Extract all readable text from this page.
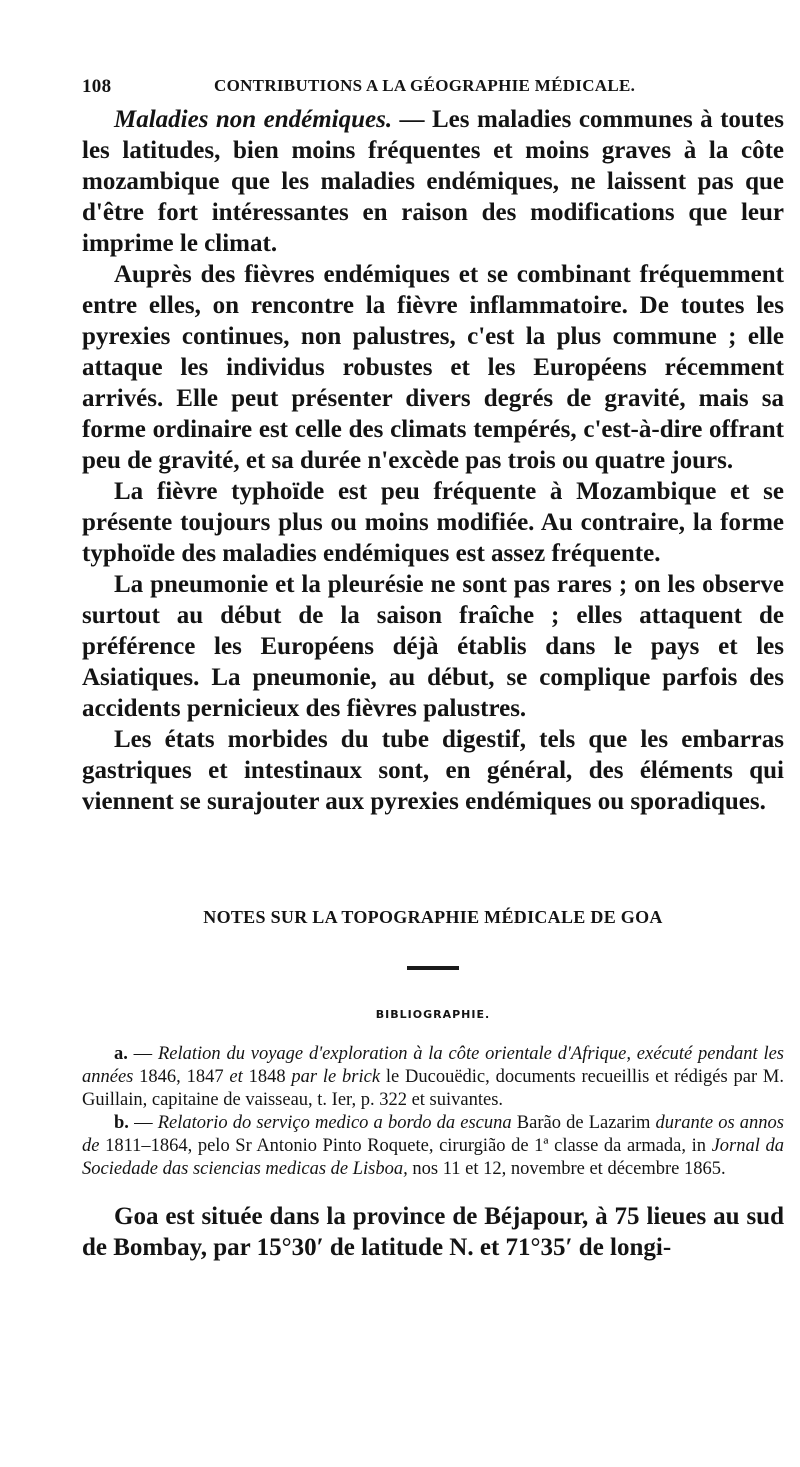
108	CONTRIBUTIONS A LA GÉOGRAPHIE MÉDICALE.

Maladies non endémiques. — Les maladies communes à toutes les latitudes, bien moins fréquentes et moins graves à la côte mozambique que les maladies endémiques, ne laissent pas que d'être fort intéressantes en raison des modifications que leur imprime le climat.

Auprès des fièvres endémiques et se combinant fréquemment entre elles, on rencontre la fièvre inflammatoire. De toutes les pyrexies continues, non palustres, c'est la plus commune ; elle attaque les individus robustes et les Européens récemment arrivés. Elle peut présenter divers degrés de gravité, mais sa forme ordinaire est celle des climats tempérés, c'est-à-dire offrant peu de gravité, et sa durée n'excède pas trois ou quatre jours.

La fièvre typhoïde est peu fréquente à Mozambique et se présente toujours plus ou moins modifiée. Au contraire, la forme typhoïde des maladies endémiques est assez fréquente.

La pneumonie et la pleurésie ne sont pas rares ; on les observe surtout au début de la saison fraîche ; elles attaquent de préférence les Européens déjà établis dans le pays et les Asiatiques. La pneumonie, au début, se complique parfois des accidents pernicieux des fièvres palustres.

Les états morbides du tube digestif, tels que les embarras gastriques et intestinaux sont, en général, des éléments qui viennent se surajouter aux pyrexies endémiques ou sporadiques.

NOTES SUR LA TOPOGRAPHIE MÉDICALE DE GOA
BIBLIOGRAPHIE.

a. — Relation du voyage d'exploration à la côte orientale d'Afrique, exécuté pendant les années 1846, 1847 et 1848 par le brick le Ducouëdic, documents recueillis et rédigés par M. Guillain, capitaine de vaisseau, t. Ier, p. 322 et suivantes.

b. — Relatorio do serviço medico a bordo da escuna Barão de Lazarim durante os annos de 1811–1864, pelo Sr Antonio Pinto Roquete, cirurgião de 1ª classe da armada, in Jornal da Sociedade das sciencias medicas de Lisboa, nos 11 et 12, novembre et décembre 1865.

Goa est située dans la province de Béjapour, à 75 lieues au sud de Bombay, par 15°30′ de latitude N. et 71°35′ de longi-
